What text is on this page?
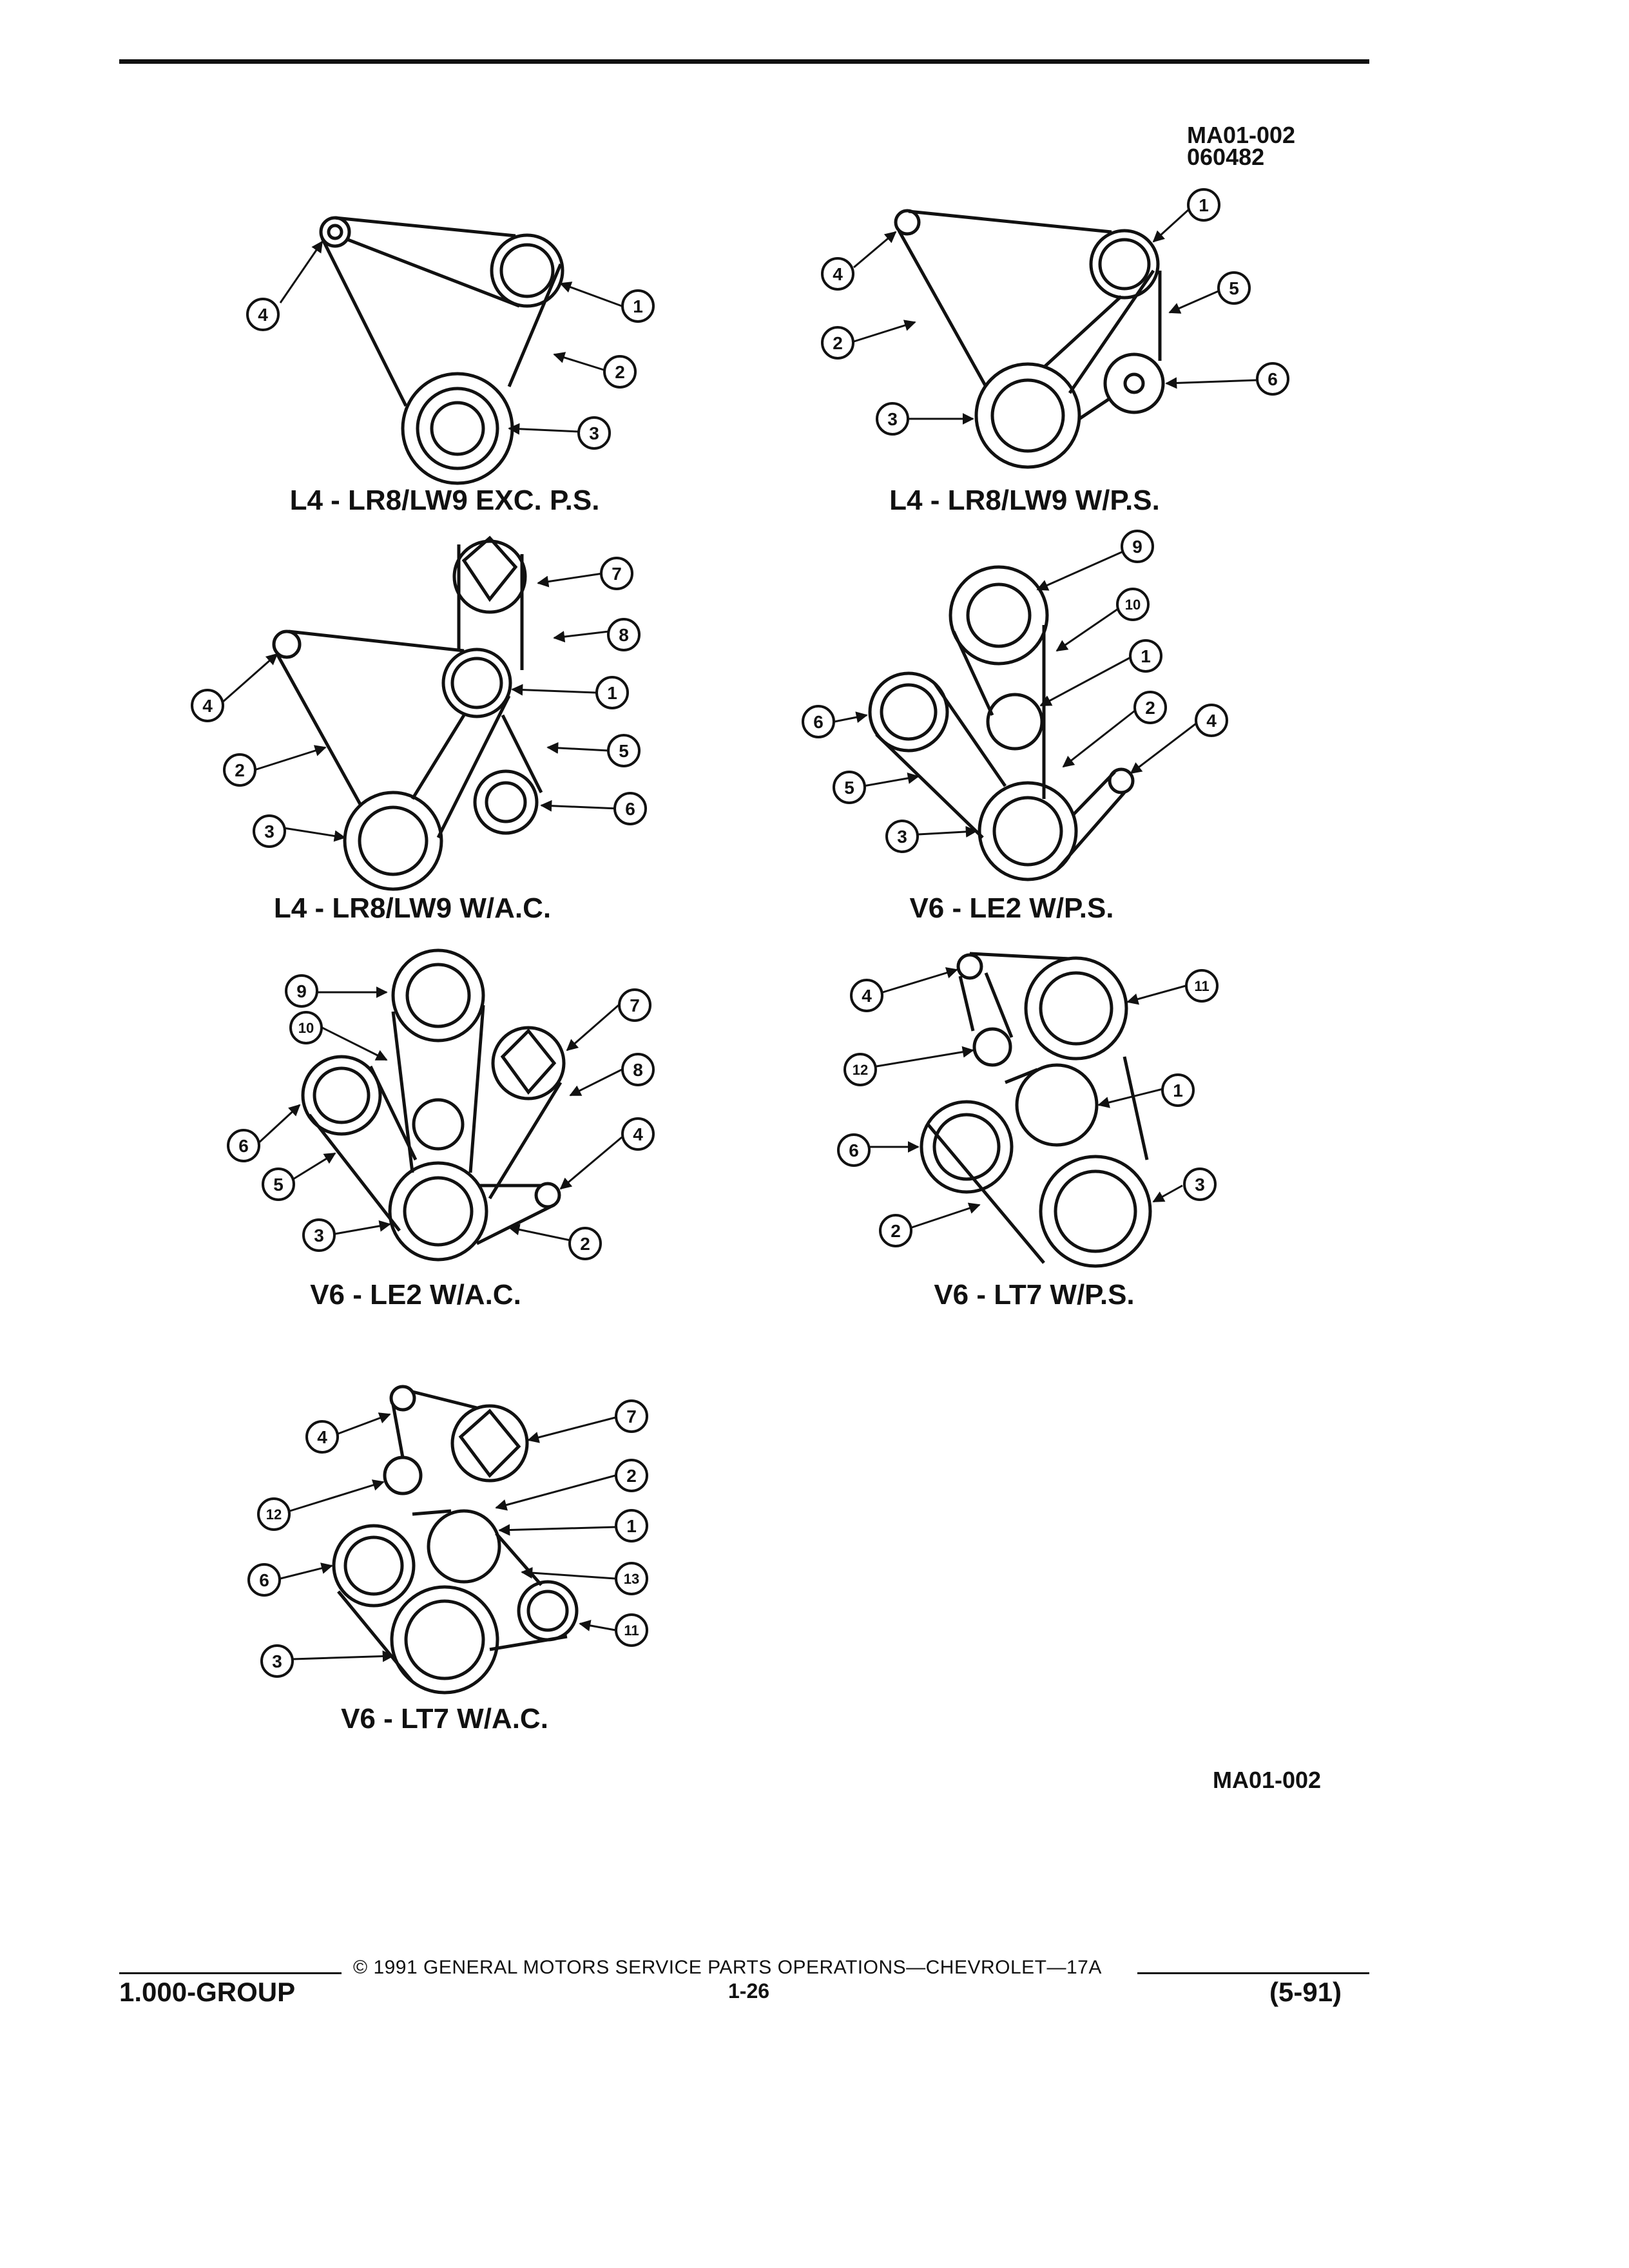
MA01-002
060482
4	1
2
3
1
4
5
2
6
3
7
8
4
1
2
5
3
6
9
10
1
6
2
4
5
3
9
10
7
8
6
4
5
3	2
4	11
12
1
6
3
2
4
7
2
12
1
6	13
3
11
L4 - LR8/LW9 EXC. P.S.	L4 - LR8/LW9 W/P.S.
L4 - LR8/LW9 W/A.C.	V6 - LE2 W/P.S.
V6 - LE2 W/A.C.	V6 - LT7 W/P.S.
V6 - LT7 W/A.C.
MA01-002
© 1991 GENERAL MOTORS SERVICE PARTS OPERATIONS—CHEVROLET—17A
1.000-GROUP	1-26	(5-91)
